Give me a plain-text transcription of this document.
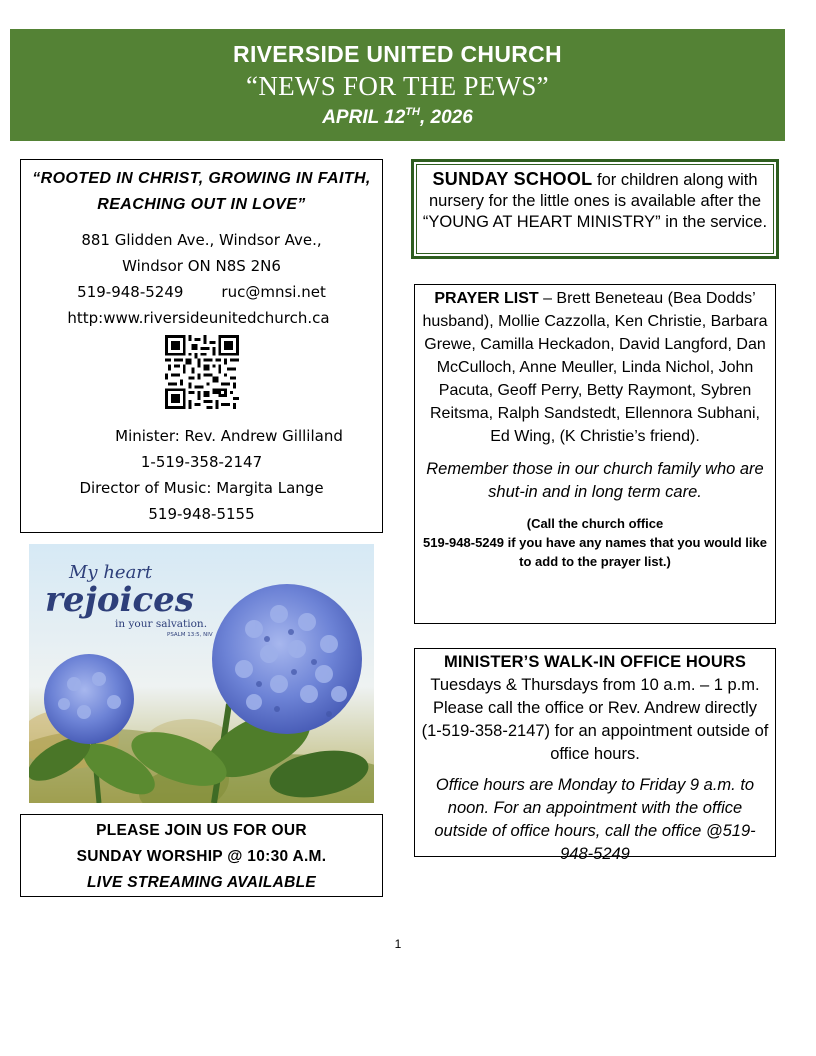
RIVERSIDE UNITED CHURCH
“NEWS FOR THE PEWS”
APRIL 12TH, 2026
“ROOTED IN CHRIST, GROWING IN FAITH, REACHING OUT IN LOVE”
881 Glidden Ave., Windsor Ave.,
Windsor ON N8S 2N6
519-948-5249	ruc@mnsi.net
http:www.riversideunitedchurch.ca
Minister: Rev. Andrew Gilliland
1-519-358-2147
Director of Music: Margita Lange
519-948-5155
My heart
rejoices
in your salvation.
PSALM 13:5, NIV
PLEASE JOIN US FOR OUR
SUNDAY WORSHIP @ 10:30 A.M.
LIVE STREAMING AVAILABLE
SUNDAY SCHOOL for children along with nursery for the little ones is available after the “YOUNG AT HEART MINISTRY” in the service.
PRAYER LIST – Brett Beneteau (Bea Dodds’ husband), Mollie Cazzolla, Ken Christie, Barbara Grewe, Camilla Heckadon, David Langford, Dan McCulloch, Anne Meuller, Linda Nichol, John Pacuta, Geoff Perry, Betty Raymont, Sybren Reitsma, Ralph Sandstedt, Ellennora Subhani, Ed Wing, (K Christie’s friend).
Remember those in our church family who are shut-in and in long term care.
(Call the church office
519-948-5249 if you have any names that you would like to add to the prayer list.)
MINISTER’S WALK-IN OFFICE HOURS
Tuesdays & Thursdays from 10 a.m. – 1 p.m. Please call the office or Rev. Andrew directly (1-519-358-2147) for an appointment outside of office hours.
Office hours are Monday to Friday 9 a.m. to noon. For an appointment with the office outside of office hours, call the office @519-948-5249
1
